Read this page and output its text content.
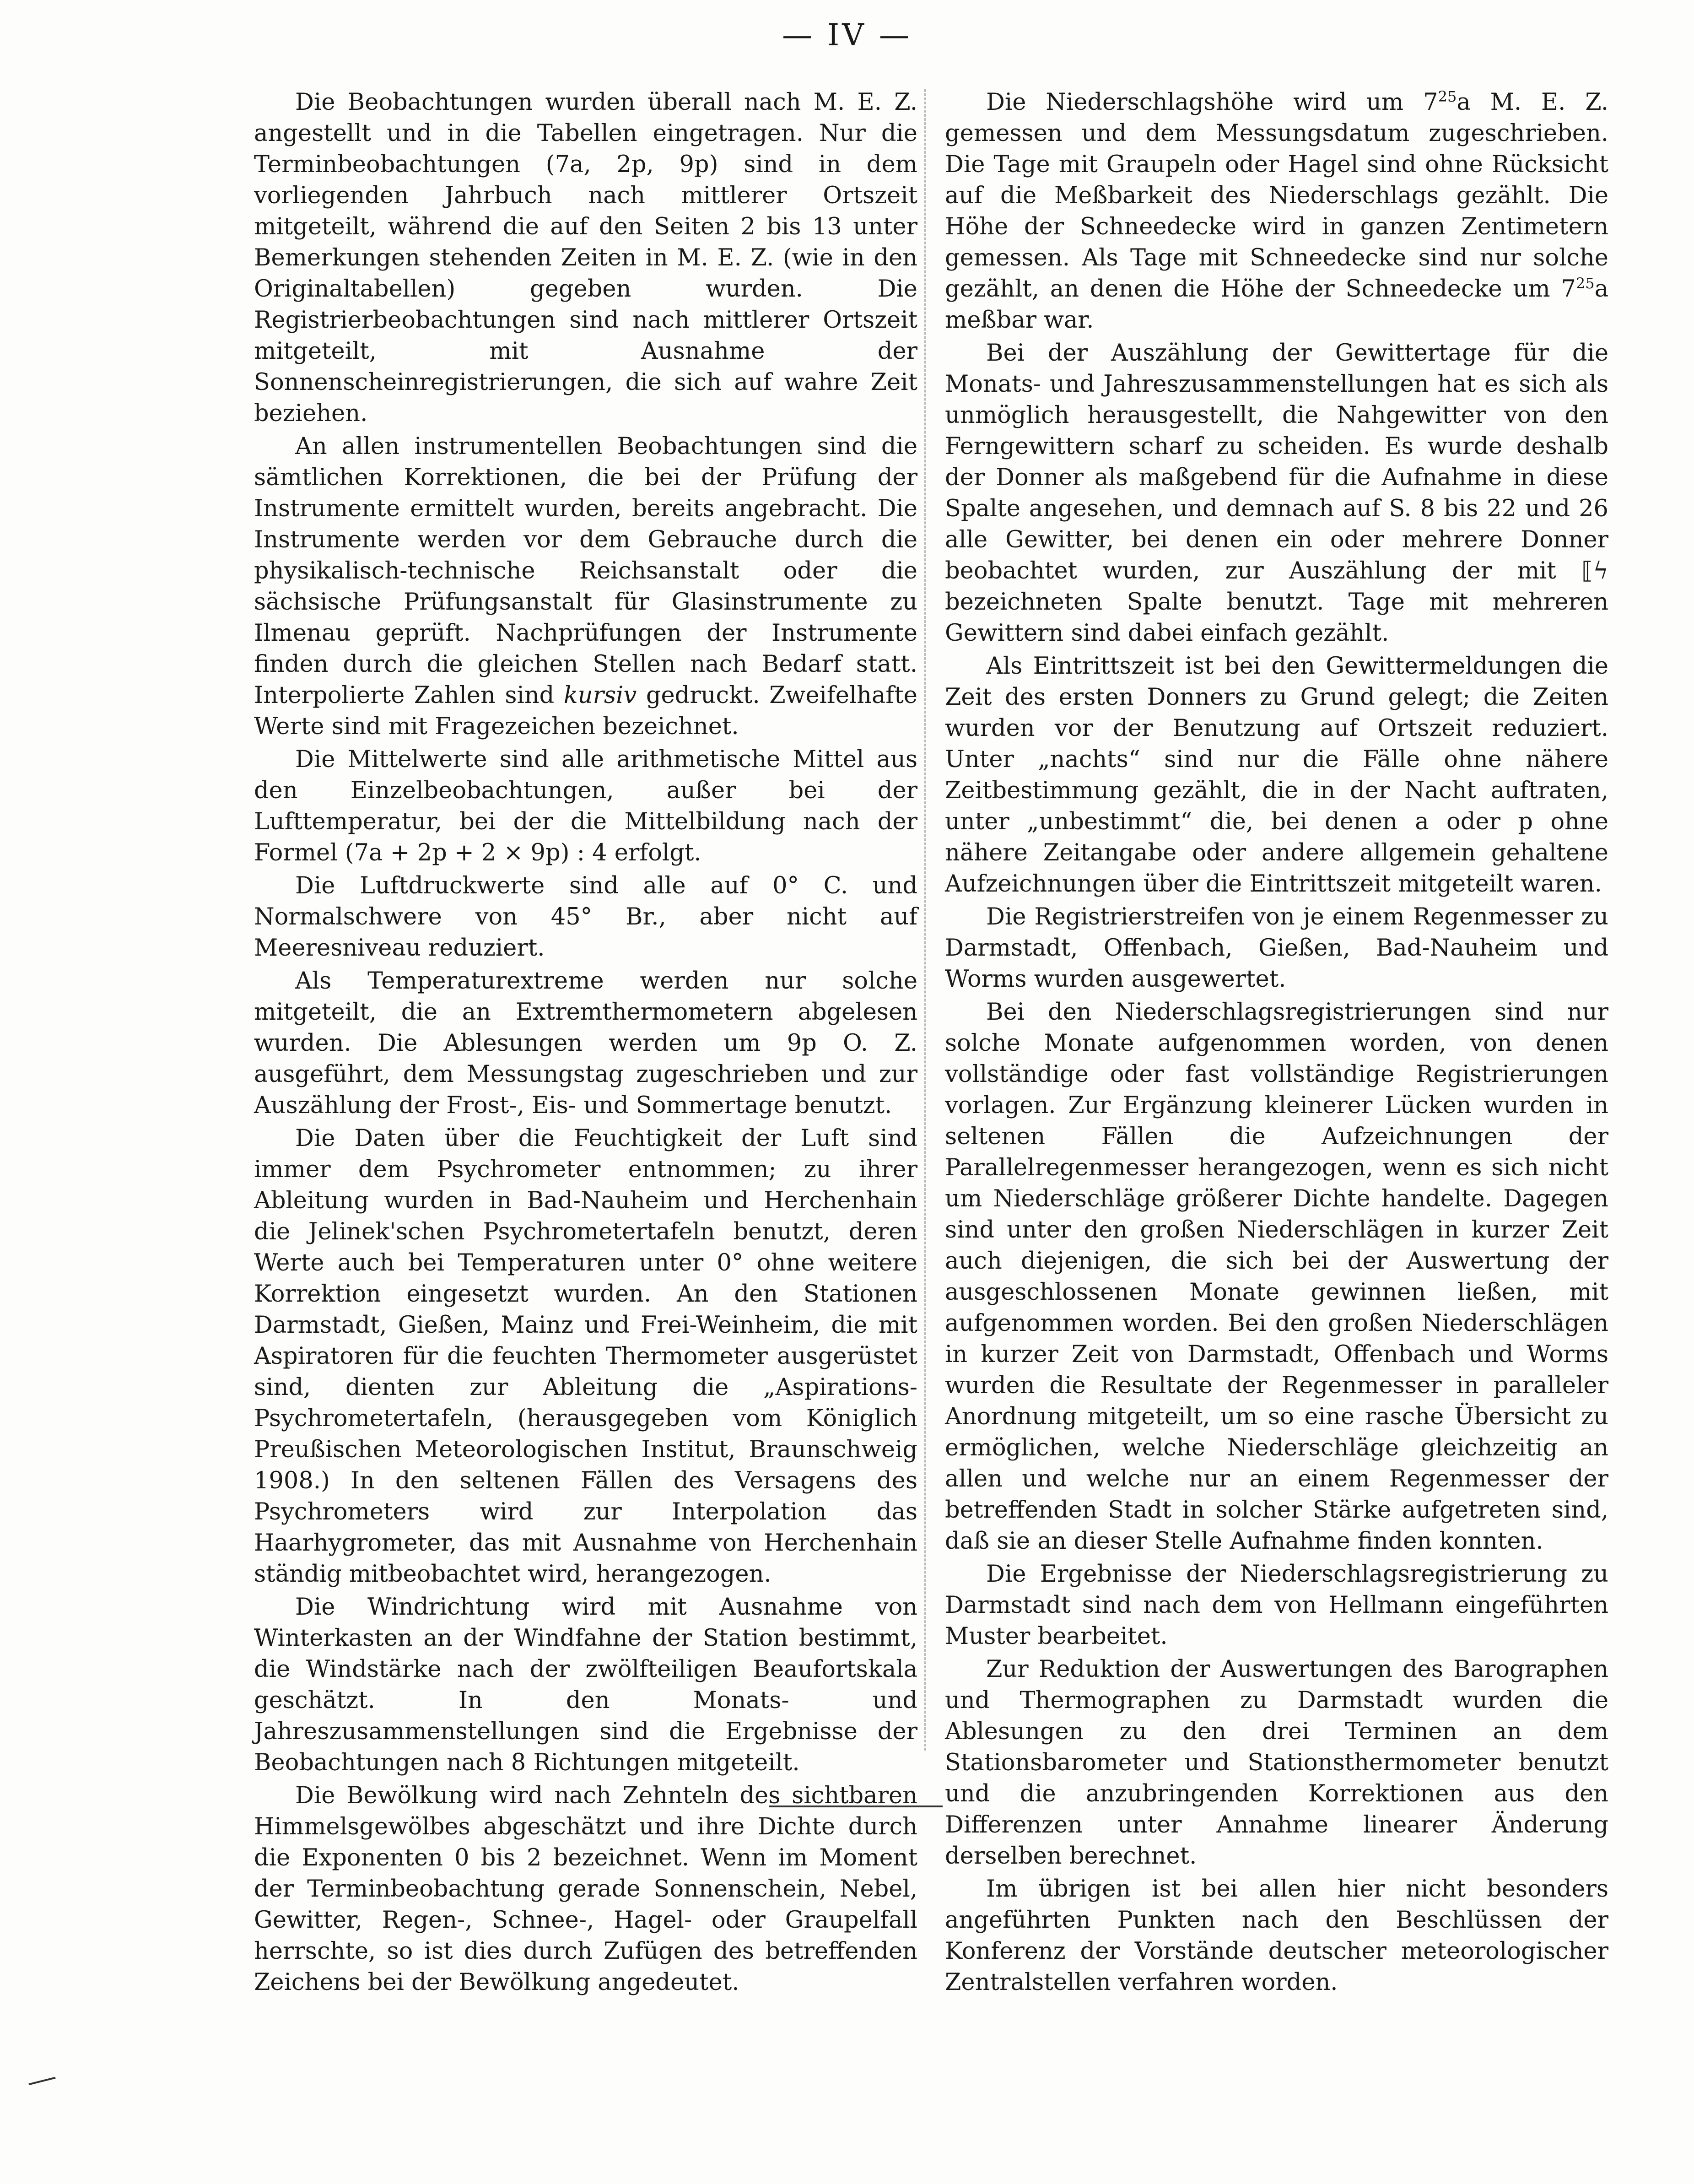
— IV —

Die Beobachtungen wurden überall nach M. E. Z. angestellt und in die Tabellen eingetragen. Nur die Terminbeobachtungen (7a, 2p, 9p) sind in dem vorliegenden Jahrbuch nach mittlerer Ortszeit mitgeteilt, während die auf den Seiten 2 bis 13 unter Bemerkungen stehenden Zeiten in M. E. Z. (wie in den Originaltabellen) gegeben wurden. Die Registrierbeobachtungen sind nach mittlerer Ortszeit mitgeteilt, mit Ausnahme der Sonnenscheinregistrierungen, die sich auf wahre Zeit beziehen.

An allen instrumentellen Beobachtungen sind die sämtlichen Korrektionen, die bei der Prüfung der Instrumente ermittelt wurden, bereits angebracht. Die Instrumente werden vor dem Gebrauche durch die physikalisch-technische Reichsanstalt oder die sächsische Prüfungsanstalt für Glasinstrumente zu Ilmenau geprüft. Nachprüfungen der Instrumente finden durch die gleichen Stellen nach Bedarf statt. Interpolierte Zahlen sind kursiv gedruckt. Zweifelhafte Werte sind mit Fragezeichen bezeichnet.

Die Mittelwerte sind alle arithmetische Mittel aus den Einzelbeobachtungen, außer bei der Lufttemperatur, bei der die Mittelbildung nach der Formel (7a + 2p + 2 × 9p) : 4 erfolgt.

Die Luftdruckwerte sind alle auf 0° C. und Normalschwere von 45° Br., aber nicht auf Meeresniveau reduziert.

Als Temperaturextreme werden nur solche mitgeteilt, die an Extremthermometern abgelesen wurden. Die Ablesungen werden um 9p O. Z. ausgeführt, dem Messungstag zugeschrieben und zur Auszählung der Frost-, Eis- und Sommertage benutzt.

Die Daten über die Feuchtigkeit der Luft sind immer dem Psychrometer entnommen; zu ihrer Ableitung wurden in Bad-Nauheim und Herchenhain die Jelinek'schen Psychrometertafeln benutzt, deren Werte auch bei Temperaturen unter 0° ohne weitere Korrektion eingesetzt wurden. An den Stationen Darmstadt, Gießen, Mainz und Frei-Weinheim, die mit Aspiratoren für die feuchten Thermometer ausgerüstet sind, dienten zur Ableitung die „Aspirations-Psychrometertafeln, (herausgegeben vom Königlich Preußischen Meteorologischen Institut, Braunschweig 1908.) In den seltenen Fällen des Versagens des Psychrometers wird zur Interpolation das Haarhygrometer, das mit Ausnahme von Herchenhain ständig mitbeobachtet wird, herangezogen.

Die Windrichtung wird mit Ausnahme von Winterkasten an der Windfahne der Station bestimmt, die Windstärke nach der zwölfteiligen Beaufortskala geschätzt. In den Monats- und Jahreszusammenstellungen sind die Ergebnisse der Beobachtungen nach 8 Richtungen mitgeteilt.

Die Bewölkung wird nach Zehnteln des sichtbaren Himmelsgewölbes abgeschätzt und ihre Dichte durch die Exponenten 0 bis 2 bezeichnet. Wenn im Moment der Terminbeobachtung gerade Sonnenschein, Nebel, Gewitter, Regen-, Schnee-, Hagel- oder Graupelfall herrschte, so ist dies durch Zufügen des betreffenden Zeichens bei der Bewölkung angedeutet.

Die Niederschlagshöhe wird um $7^{25}a$ M. E. Z. gemessen und dem Messungsdatum zugeschrieben. Die Tage mit Graupeln oder Hagel sind ohne Rücksicht auf die Meßbarkeit des Niederschlags gezählt. Die Höhe der Schneedecke wird in ganzen Zentimetern gemessen. Als Tage mit Schneedecke sind nur solche gezählt, an denen die Höhe der Schneedecke um $7^{25}a$ meßbar war.

Bei der Auszählung der Gewittertage für die Monats- und Jahreszusammenstellungen hat es sich als unmöglich herausgestellt, die Nahgewitter von den Ferngewittern scharf zu scheiden. Es wurde deshalb der Donner als maßgebend für die Aufnahme in diese Spalte angesehen, und demnach auf S. 8 bis 22 und 26 alle Gewitter, bei denen ein oder mehrere Donner beobachtet wurden, zur Auszählung der mit ⟦ϟ bezeichneten Spalte benutzt. Tage mit mehreren Gewittern sind dabei einfach gezählt.

Als Eintrittszeit ist bei den Gewittermeldungen die Zeit des ersten Donners zu Grund gelegt; die Zeiten wurden vor der Benutzung auf Ortszeit reduziert. Unter „nachts“ sind nur die Fälle ohne nähere Zeitbestimmung gezählt, die in der Nacht auftraten, unter „unbestimmt“ die, bei denen a oder p ohne nähere Zeitangabe oder andere allgemein gehaltene Aufzeichnungen über die Eintrittszeit mitgeteilt waren.

Die Registrierstreifen von je einem Regenmesser zu Darmstadt, Offenbach, Gießen, Bad-Nauheim und Worms wurden ausgewertet.

Bei den Niederschlagsregistrierungen sind nur solche Monate aufgenommen worden, von denen vollständige oder fast vollständige Registrierungen vorlagen. Zur Ergänzung kleinerer Lücken wurden in seltenen Fällen die Aufzeichnungen der Parallelregenmesser herangezogen, wenn es sich nicht um Niederschläge größerer Dichte handelte. Dagegen sind unter den großen Niederschlägen in kurzer Zeit auch diejenigen, die sich bei der Auswertung der ausgeschlossenen Monate gewinnen ließen, mit aufgenommen worden. Bei den großen Niederschlägen in kurzer Zeit von Darmstadt, Offenbach und Worms wurden die Resultate der Regenmesser in paralleler Anordnung mitgeteilt, um so eine rasche Übersicht zu ermöglichen, welche Niederschläge gleichzeitig an allen und welche nur an einem Regenmesser der betreffenden Stadt in solcher Stärke aufgetreten sind, daß sie an dieser Stelle Aufnahme finden konnten.

Die Ergebnisse der Niederschlagsregistrierung zu Darmstadt sind nach dem von Hellmann eingeführten Muster bearbeitet.

Zur Reduktion der Auswertungen des Barographen und Thermographen zu Darmstadt wurden die Ablesungen zu den drei Terminen an dem Stationsbarometer und Stationsthermometer benutzt und die anzubringenden Korrektionen aus den Differenzen unter Annahme linearer Änderung derselben berechnet.

Im übrigen ist bei allen hier nicht besonders angeführten Punkten nach den Beschlüssen der Konferenz der Vorstände deutscher meteorologischer Zentralstellen verfahren worden.
